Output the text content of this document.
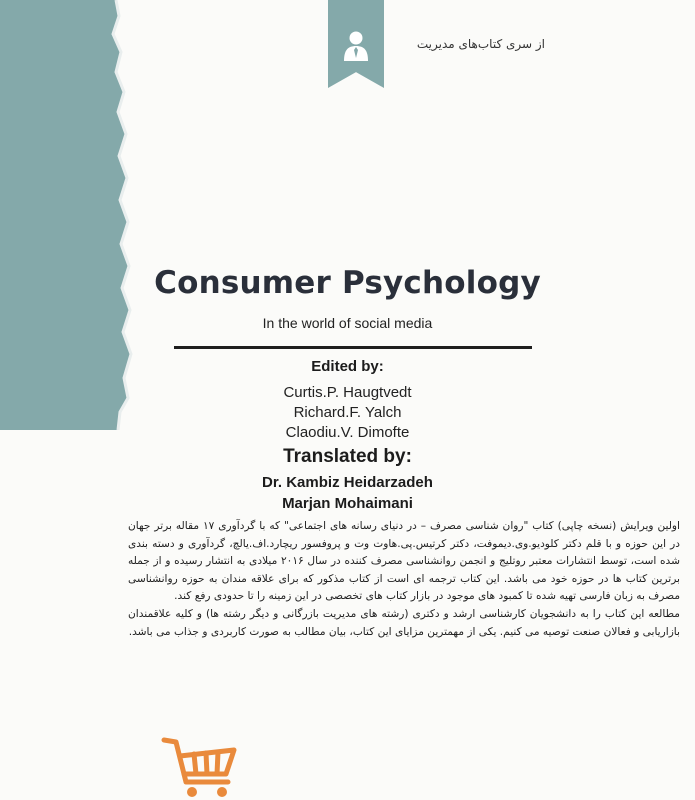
از سری کتاب‌های مدیریت
Consumer Psychology
In the world of social media
Edited by:
Curtis.P. Haugtvedt
Richard.F. Yalch
Claodiu.V. Dimofte
Translated by:
Dr. Kambiz Heidarzadeh
Marjan Mohaimani

اولین ویرایش (نسخه چاپی) کتاب "روان شناسی مصرف – در دنیای رسانه های اجتماعی" که با گردآوری ۱۷ مقاله برتر جهان در این حوزه و با قلم دکتر کلودیو.وی.دیموفت، دکتر کرتیس.پی.هاوت وت و پروفسور ریچارد.اف.یالچ، گردآوری و دسته بندی شده است، توسط انتشارات معتبر روتلیج و انجمن روانشناسی مصرف کننده در سال ۲۰۱۶ میلادی به انتشار رسیده و از جمله برترین کتاب ها در حوزه خود می باشد. این کتاب ترجمه ای است از کتاب مذکور که برای علاقه مندان به حوزه روانشناسی مصرف به زبان فارسی تهیه شده تا کمبود های موجود در بازار کتاب های تخصصی در این زمینه را تا حدودی رفع کند.

مطالعه این کتاب را به دانشجویان کارشناسی ارشد و دکتری (رشته های مدیریت بازرگانی و دیگر رشته ها) و کلیه علاقمندان بازاریابی و فعالان صنعت توصیه می کنیم. یکی از مهمترین مزایای این کتاب، بیان مطالب به صورت کاربردی و جذاب می باشد.
